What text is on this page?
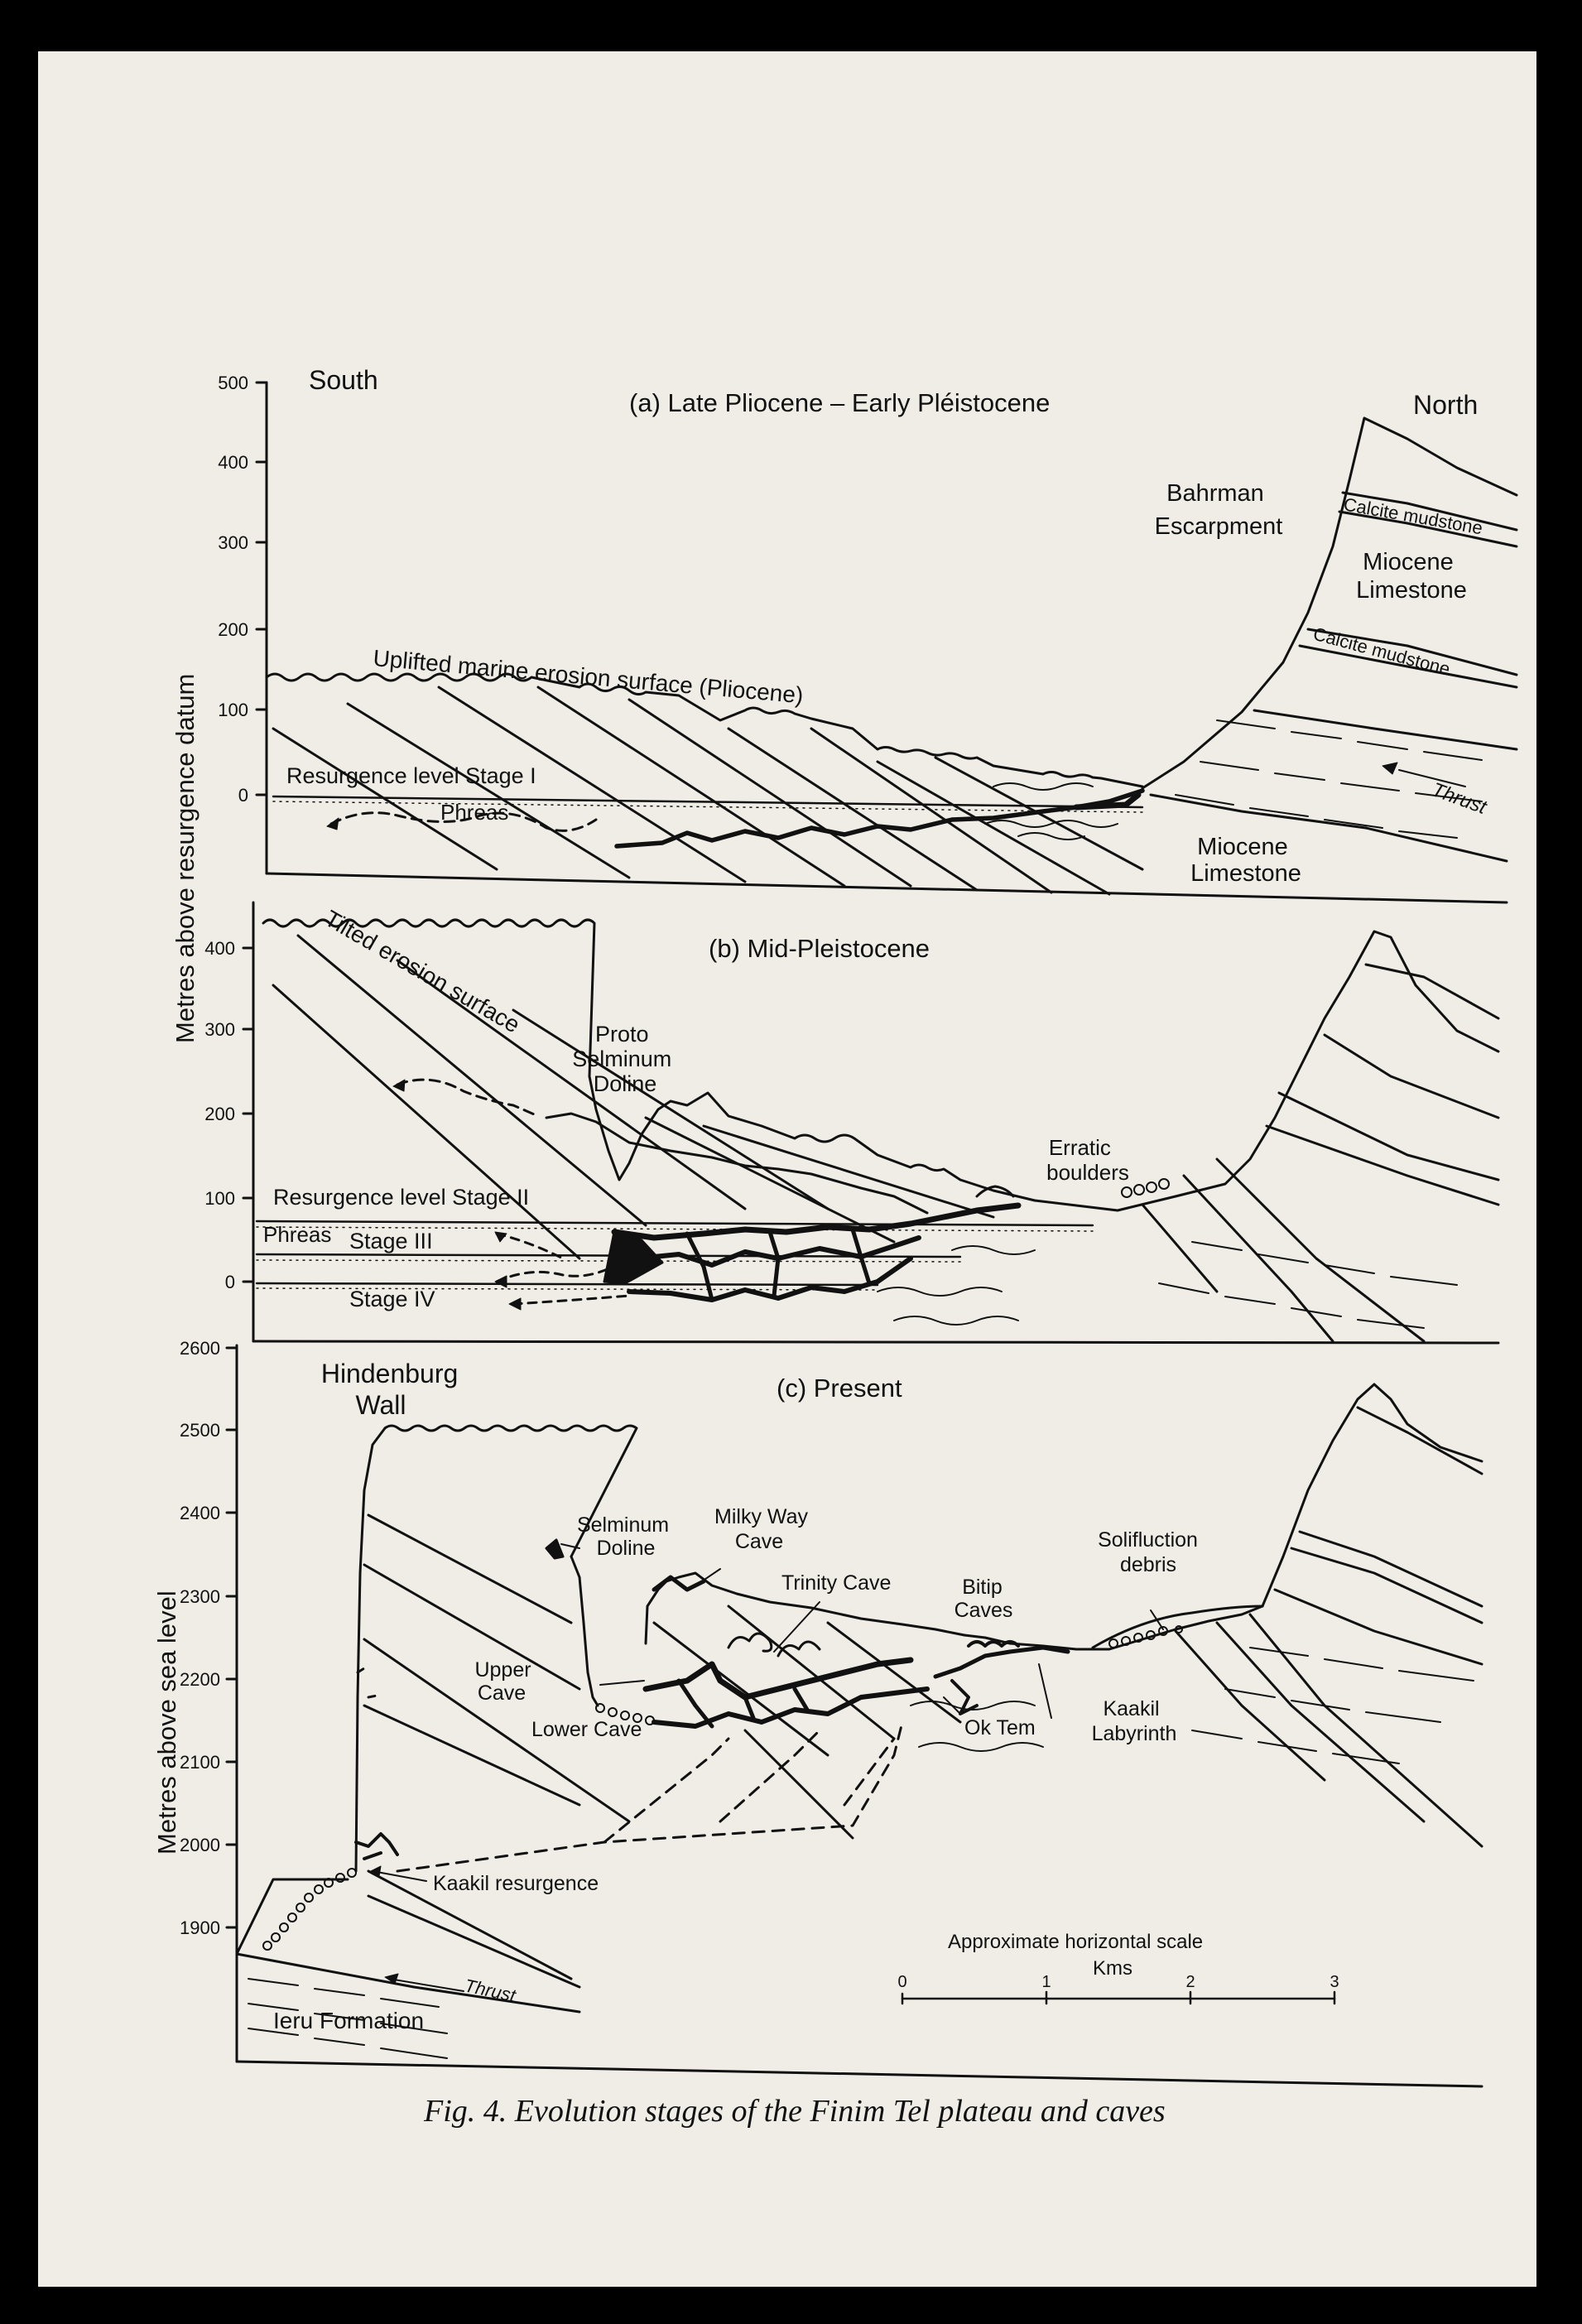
(a) Late Pliocene – Early Pléistocene
South
North
Bahrman Escarpment	Calcite mudstone
Miocene Limestone
Calcite mudstone
Uplifted marine erosion surface (Pliocene)
Resurgence level Stage I
Phreas	Thrust
Miocene Limestone
500
400
300
200
100
0
Metres above resurgence datum	(b) Mid-Pleistocene
Tilted erosion surface	Proto Selminum Doline
Erratic boulders
Resurgence level Stage II
Phreas Stage III
Stage IV
400
300
200
100
0
(c) Present
Hindenburg Wall
Selminum Doline
Milky Way Cave
Trinity Cave	Bitip Caves
Solifluction debris
Upper Cave
Lower Cave	Ok Tem
Kaakil Labyrinth
Kaakil resurgence
Thrust
Ieru Formation
Approximate horizontal scale
Kms
0	1	2	3
2600
2500
2400
2300
2200
2100
2000
1900
Metres above sea level
Fig. 4. Evolution stages of the Finim Tel plateau and caves
